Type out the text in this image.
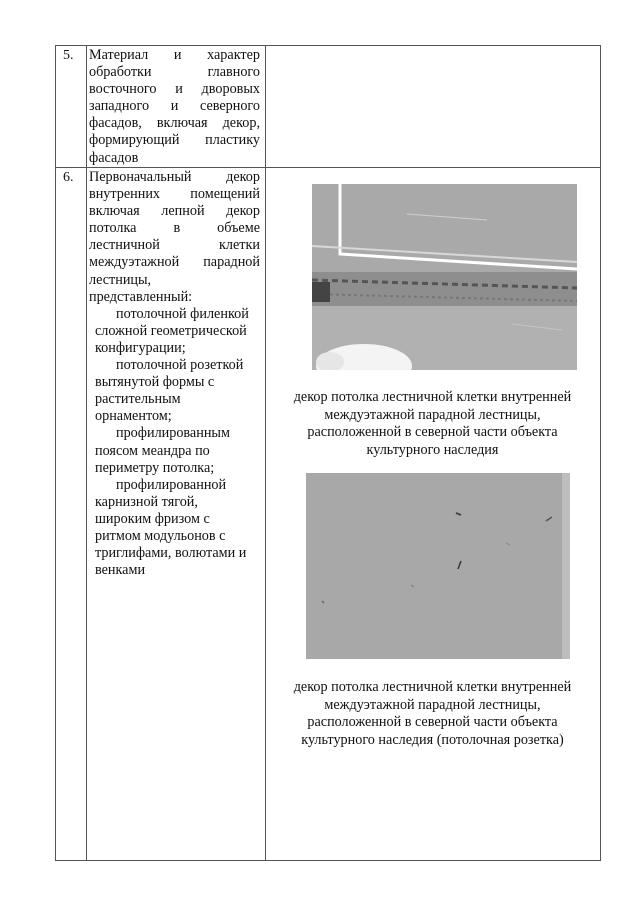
5. Материал и характер
обработки главного
восточного и дворовых
западного и северного
фасадов, включая декор,
формирующий пластику
фасадов
6. Первоначальный декор
внутренних помещений
включая лепной декор
потолка в объеме
лестничной клетки
междуэтажной парадной
лестницы,
представленный:
потолочной филенкой
сложной геометрической
конфигурации;
потолочной розеткой
вытянутой формы с
растительным
орнаментом;
профилированным
поясом меандра по
периметру потолка;
профилированной
карнизной тягой,
широким фризом с
ритмом модульонов с
триглифами, волютами и
венками
декор потолка лестничной клетки внутренней
междуэтажной парадной лестницы,
расположенной в северной части объекта
культурного наследия
декор потолка лестничной клетки внутренней
междуэтажной парадной лестницы,
расположенной в северной части объекта
культурного наследия (потолочная розетка)
